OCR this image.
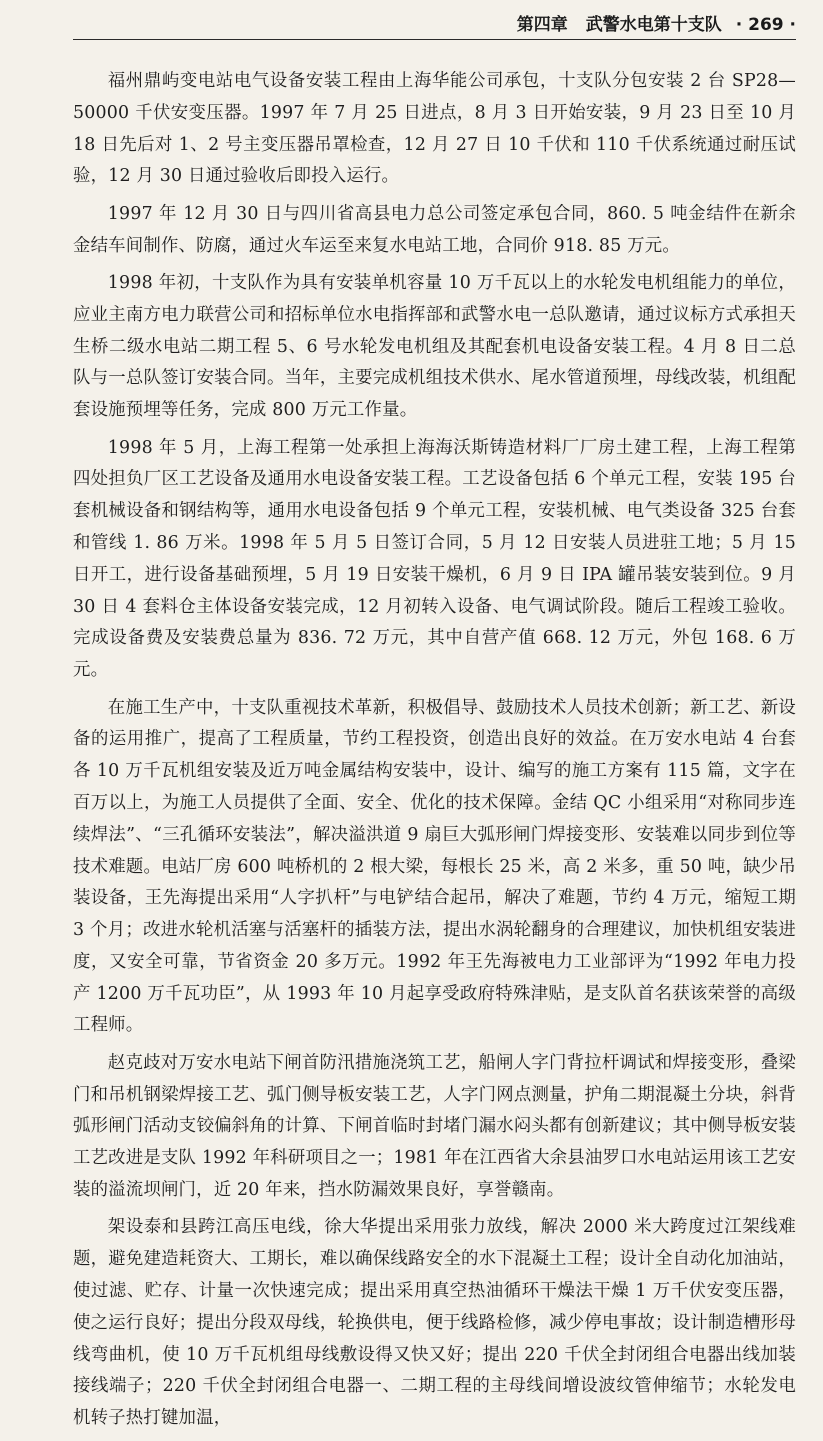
第四章 武警水电第十支队 · 269 ·

福州鼎屿变电站电气设备安装工程由上海华能公司承包，十支队分包安装 2 台 SP28—50000 千伏安变压器。1997 年 7 月 25 日进点，8 月 3 日开始安装，9 月 23 日至 10 月 18 日先后对 1、2 号主变压器吊罩检查，12 月 27 日 10 千伏和 110 千伏系统通过耐压试验，12 月 30 日通过验收后即投入运行。

1997 年 12 月 30 日与四川省高县电力总公司签定承包合同，860. 5 吨金结件在新余金结车间制作、防腐，通过火车运至来复水电站工地，合同价 918. 85 万元。

1998 年初，十支队作为具有安装单机容量 10 万千瓦以上的水轮发电机组能力的单位，应业主南方电力联营公司和招标单位水电指挥部和武警水电一总队邀请，通过议标方式承担天生桥二级水电站二期工程 5、6 号水轮发电机组及其配套机电设备安装工程。4 月 8 日二总队与一总队签订安装合同。当年，主要完成机组技术供水、尾水管道预埋，母线改装，机组配套设施预埋等任务，完成 800 万元工作量。

1998 年 5 月，上海工程第一处承担上海海沃斯铸造材料厂厂房土建工程，上海工程第四处担负厂区工艺设备及通用水电设备安装工程。工艺设备包括 6 个单元工程，安装 195 台套机械设备和钢结构等，通用水电设备包括 9 个单元工程，安装机械、电气类设备 325 台套和管线 1. 86 万米。1998 年 5 月 5 日签订合同，5 月 12 日安装人员进驻工地；5 月 15 日开工，进行设备基础预埋，5 月 19 日安装干燥机，6 月 9 日 IPA 罐吊装安装到位。9 月 30 日 4 套料仓主体设备安装完成，12 月初转入设备、电气调试阶段。随后工程竣工验收。完成设备费及安装费总量为 836. 72 万元，其中自营产值 668. 12 万元，外包 168. 6 万元。

在施工生产中，十支队重视技术革新，积极倡导、鼓励技术人员技术创新；新工艺、新设备的运用推广，提高了工程质量，节约工程投资，创造出良好的效益。在万安水电站 4 台套各 10 万千瓦机组安装及近万吨金属结构安装中，设计、编写的施工方案有 115 篇，文字在百万以上，为施工人员提供了全面、安全、优化的技术保障。金结 QC 小组采用“对称同步连续焊法”、“三孔循环安装法”，解决溢洪道 9 扇巨大弧形闸门焊接变形、安装难以同步到位等技术难题。电站厂房 600 吨桥机的 2 根大梁，每根长 25 米，高 2 米多，重 50 吨，缺少吊装设备，王先海提出采用“人字扒杆”与电铲结合起吊，解决了难题，节约 4 万元，缩短工期 3 个月；改进水轮机活塞与活塞杆的插装方法，提出水涡轮翻身的合理建议，加快机组安装进度，又安全可靠，节省资金 20 多万元。1992 年王先海被电力工业部评为“1992 年电力投产 1200 万千瓦功臣”，从 1993 年 10 月起享受政府特殊津贴，是支队首名获该荣誉的高级工程师。

赵克歧对万安水电站下闸首防汛措施浇筑工艺，船闸人字门背拉杆调试和焊接变形，叠梁门和吊机钢梁焊接工艺、弧门侧导板安装工艺，人字门网点测量，护角二期混凝土分块，斜背弧形闸门活动支铰偏斜角的计算、下闸首临时封堵门漏水闷头都有创新建议；其中侧导板安装工艺改进是支队 1992 年科研项目之一；1981 年在江西省大余县油罗口水电站运用该工艺安装的溢流坝闸门，近 20 年来，挡水防漏效果良好，享誉赣南。

架设泰和县跨江高压电线，徐大华提出采用张力放线，解决 2000 米大跨度过江架线难题，避免建造耗资大、工期长，难以确保线路安全的水下混凝土工程；设计全自动化加油站，使过滤、贮存、计量一次快速完成；提出采用真空热油循环干燥法干燥 1 万千伏安变压器，使之运行良好；提出分段双母线，轮换供电，便于线路检修，减少停电事故；设计制造槽形母线弯曲机，使 10 万千瓦机组母线敷设得又快又好；提出 220 千伏全封闭组合电器出线加装接线端子；220 千伏全封闭组合电器一、二期工程的主母线间增设波纹管伸缩节；水轮发电机转子热打键加温，
